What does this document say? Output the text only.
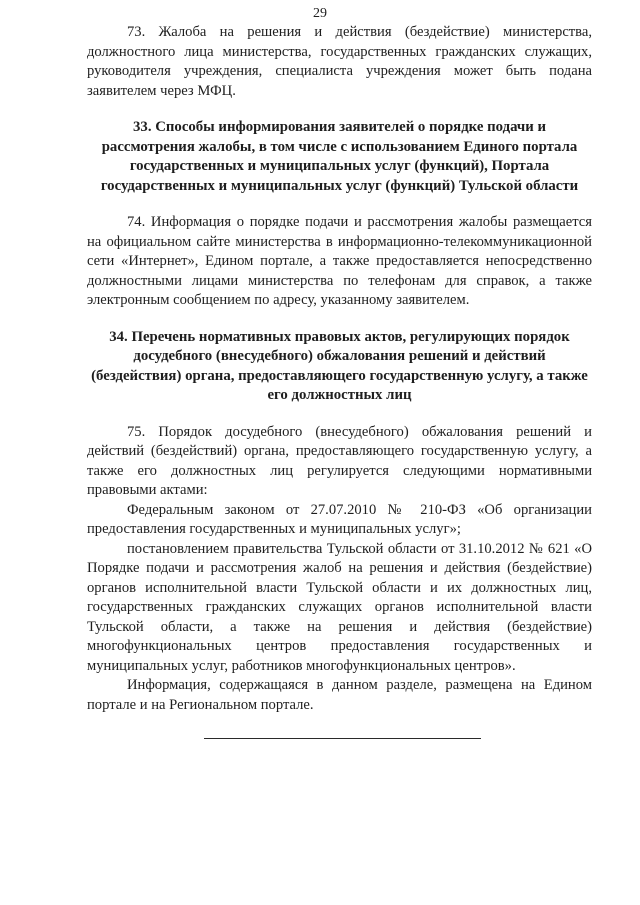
29

73. Жалоба на решения и действия (бездействие) министерства, должностного лица министерства, государственных гражданских служащих, руководителя учреждения, специалиста учреждения может быть подана заявителем через МФЦ.

33. Способы информирования заявителей о порядке подачи и рассмотрения жалобы, в том числе с использованием Единого портала государственных и муниципальных услуг (функций), Портала государственных и муниципальных услуг (функций) Тульской области

74. Информация о порядке подачи и рассмотрения жалобы размещается на официальном сайте министерства в информационно-телекоммуникационной сети «Интернет», Едином портале, а также предоставляется непосредственно должностными лицами министерства по телефонам для справок, а также электронным сообщением по адресу, указанному заявителем.

34. Перечень нормативных правовых актов, регулирующих порядок досудебного (внесудебного) обжалования решений и действий (бездействия) органа, предоставляющего государственную услугу, а также его должностных лиц

75. Порядок досудебного (внесудебного) обжалования решений и действий (бездействий) органа, предоставляющего государственную услугу, а также его должностных лиц регулируется следующими нормативными правовыми актами:

Федеральным законом от 27.07.2010 № 210-ФЗ «Об организации предоставления государственных и муниципальных услуг»;

постановлением правительства Тульской области от 31.10.2012 № 621 «О Порядке подачи и рассмотрения жалоб на решения и действия (бездействие) органов исполнительной власти Тульской области и их должностных лиц, государственных гражданских служащих органов исполнительной власти Тульской области, а также на решения и действия (бездействие) многофункциональных центров предоставления государственных и муниципальных услуг, работников многофункциональных центров».

Информация, содержащаяся в данном разделе, размещена на Едином портале и на Региональном портале.
